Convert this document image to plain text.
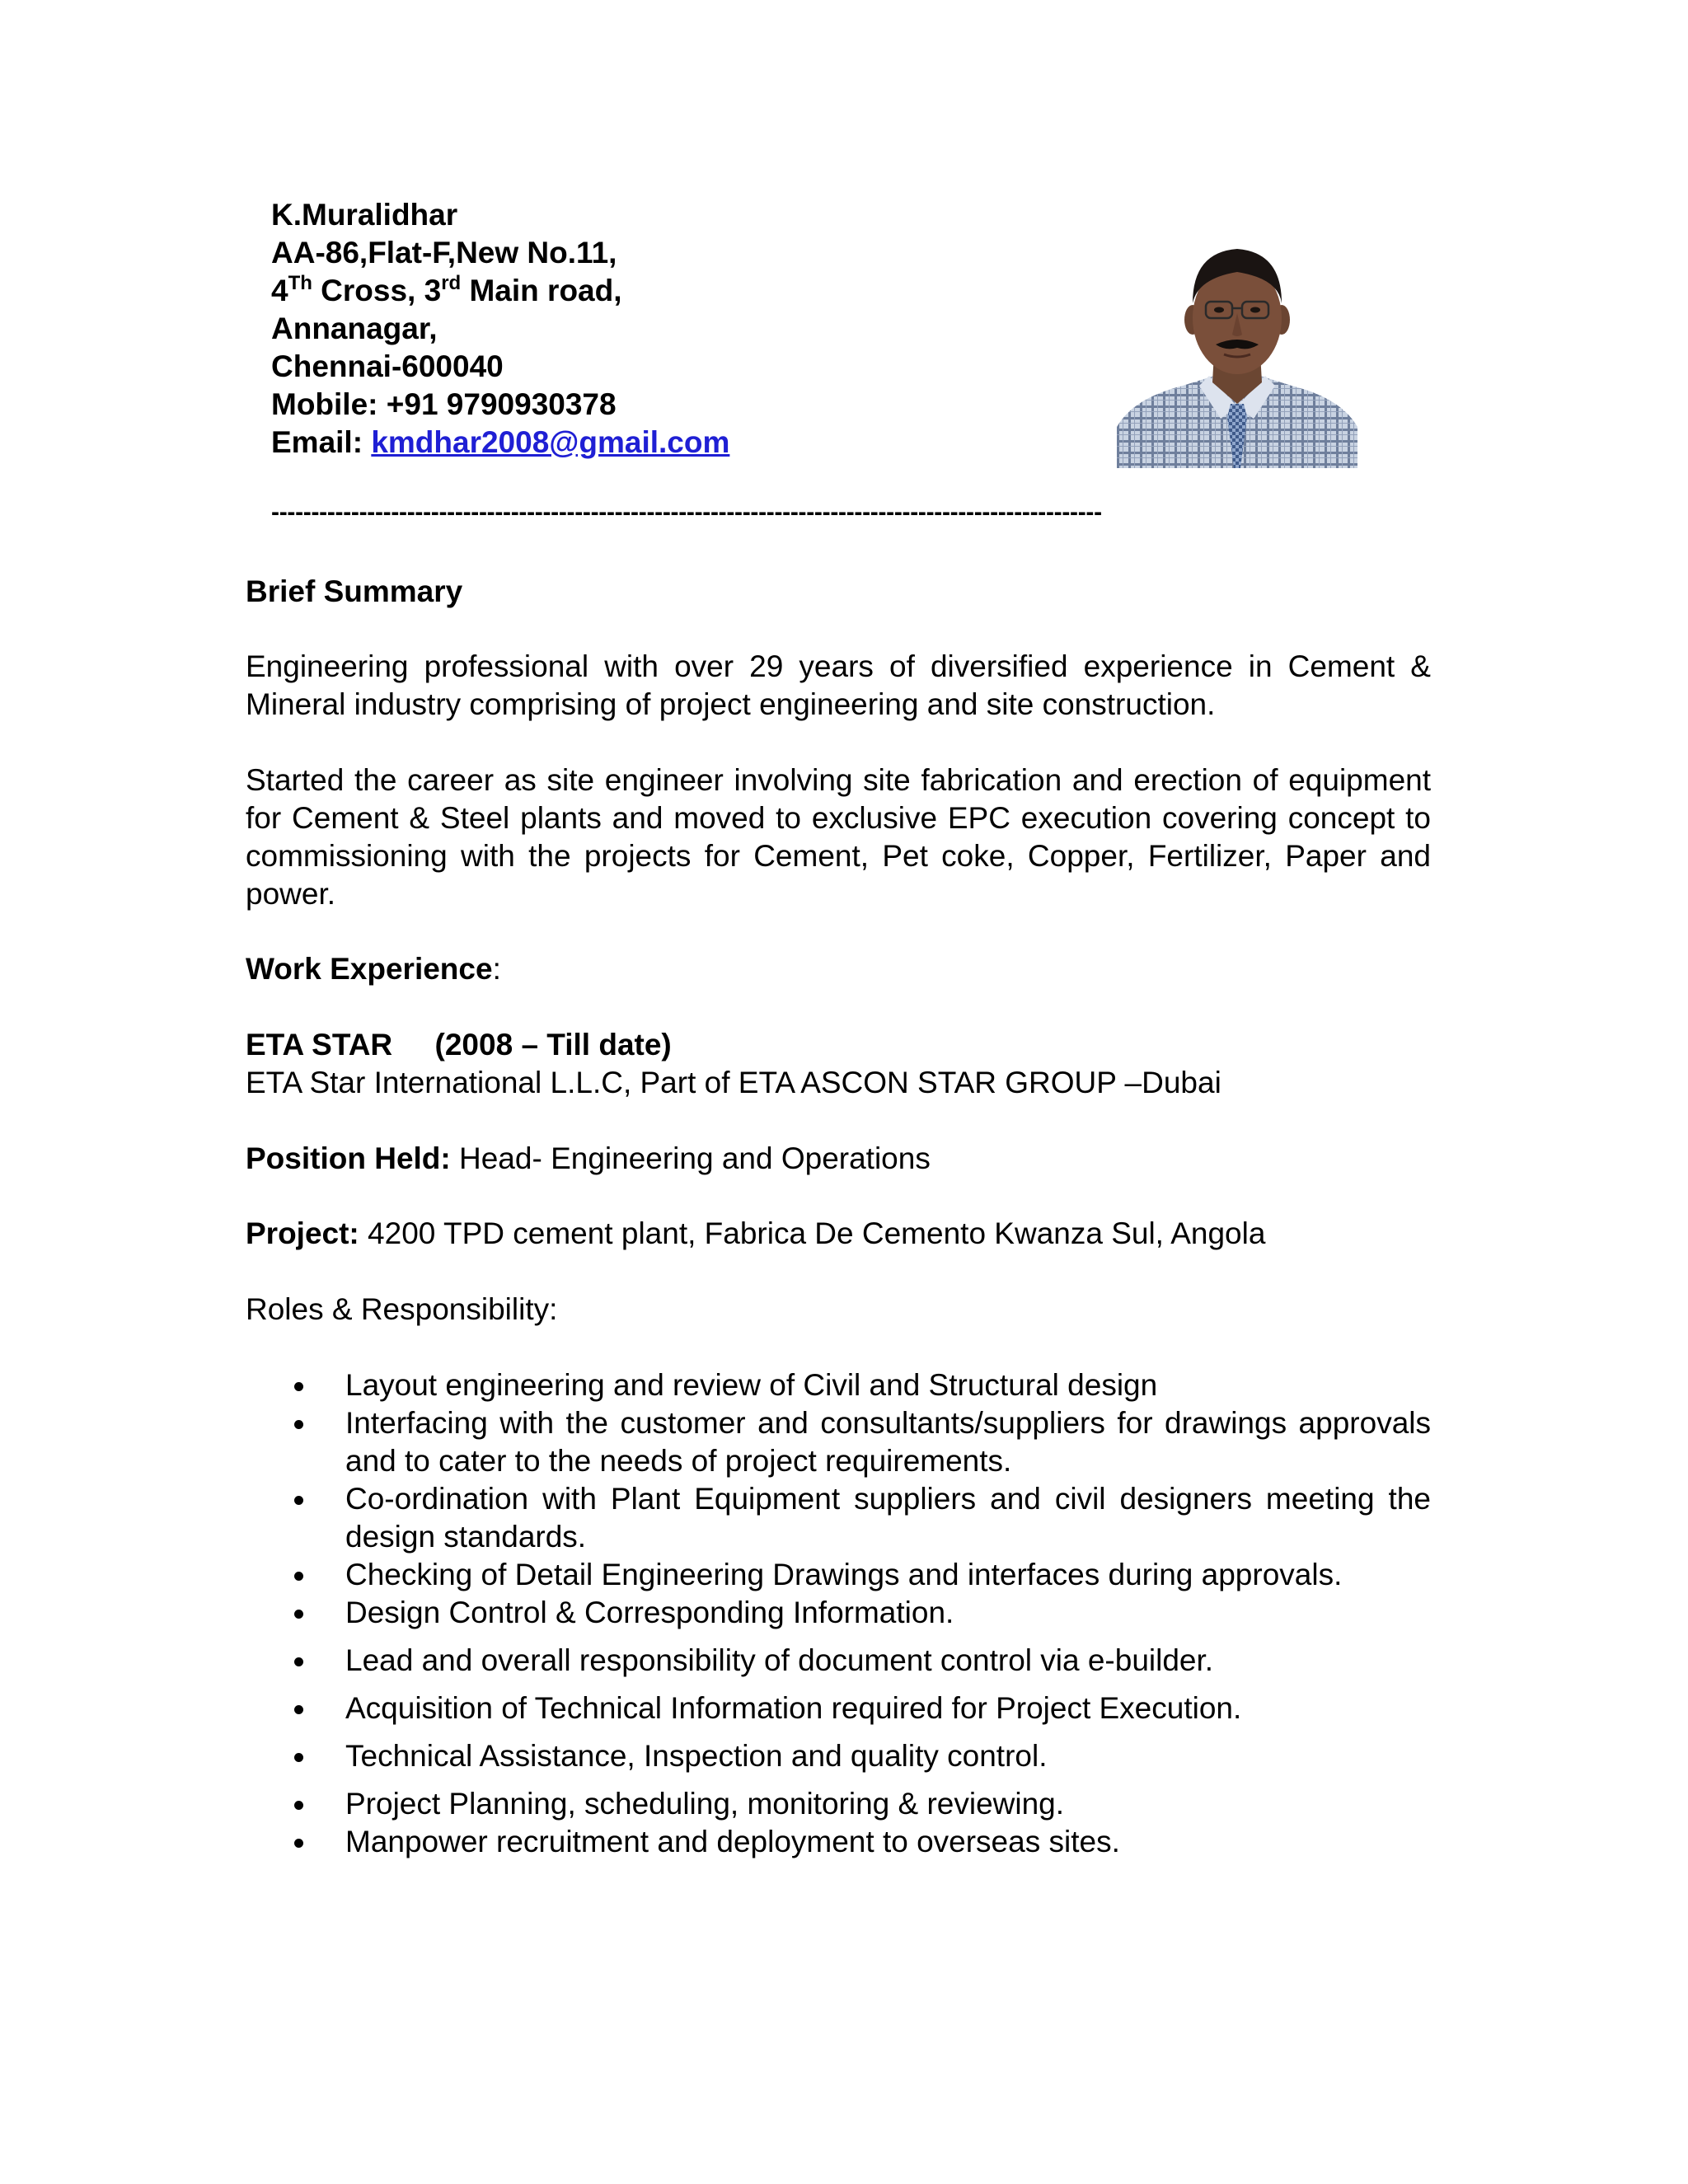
K.Muralidhar
AA-86,Flat-F,New No.11,
4Th Cross, 3rd Main road,
Annanagar,
Chennai-600040
Mobile: +91 9790930378
Email: kmdhar2008@gmail.com
--------------------------------------------------------------------------------------------------------
Brief Summary
Engineering professional with over 29 years of diversified experience in Cement & Mineral industry comprising of project engineering and site construction.
Started the career as site engineer involving site fabrication and erection of equipment for Cement & Steel plants and moved to exclusive EPC execution covering concept to commissioning with the projects for Cement, Pet coke, Copper, Fertilizer, Paper and power.
Work Experience:
ETA STAR     (2008 – Till date)
ETA Star International L.L.C, Part of ETA ASCON STAR GROUP –Dubai
Position Held: Head- Engineering and Operations
Project: 4200 TPD cement plant, Fabrica De Cemento Kwanza Sul, Angola
Roles & Responsibility:
Layout engineering and review of Civil and Structural design
Interfacing with the customer and consultants/suppliers for drawings approvals and to cater to the needs of project requirements.
Co-ordination with Plant Equipment suppliers and civil designers meeting the design standards.
Checking of Detail Engineering Drawings and interfaces during approvals.
Design Control & Corresponding Information.
Lead and overall responsibility of document control via e-builder.
Acquisition of Technical Information required for Project Execution.
Technical Assistance, Inspection and quality control.
Project Planning, scheduling, monitoring & reviewing.
Manpower recruitment and deployment to overseas sites.
